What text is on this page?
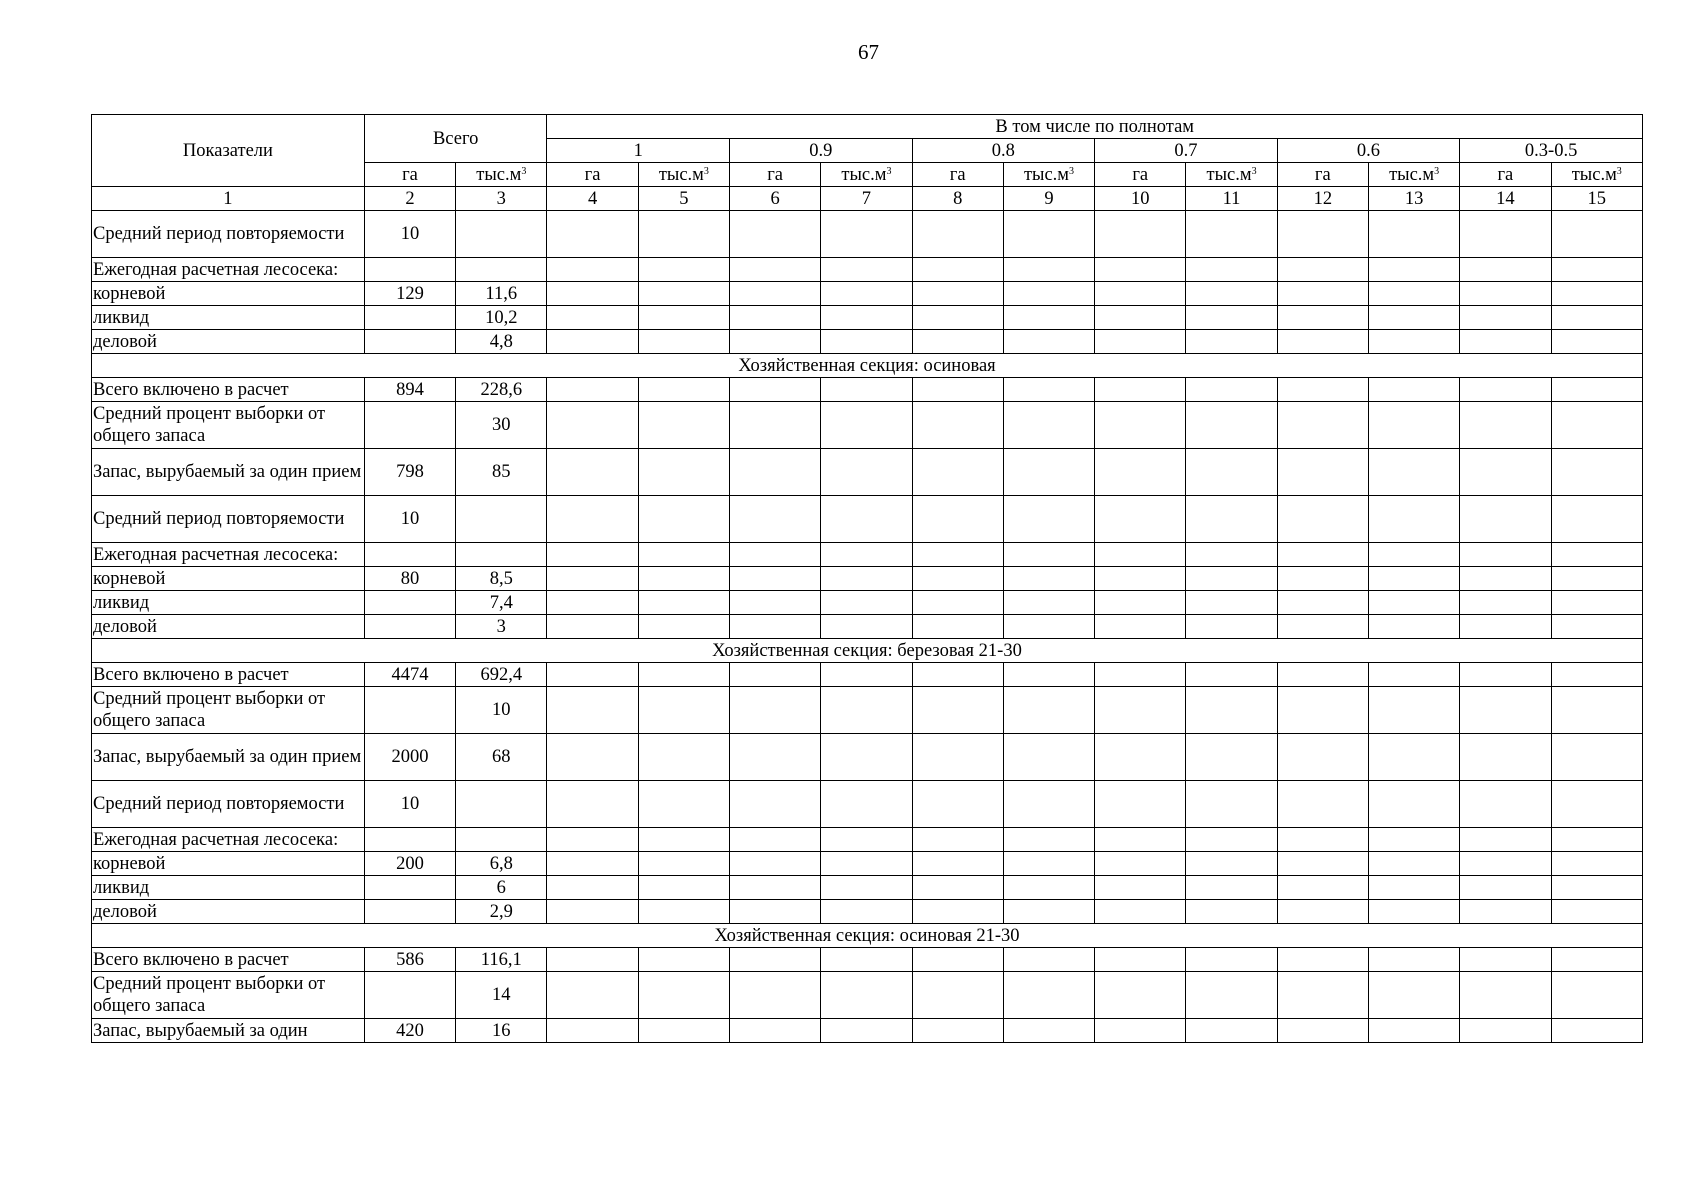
67
Показатели	Всего		В том числе по полнотам											
			1		0.9		0.8		0.7		0.6		0.3-0.5	
	га	$тыс.м^3$	га	$тыс.м^3$	га	$тыс.м^3$	га	$тыс.м^3$	га	$тыс.м^3$	га	$тыс.м^3$	га	$тыс.м^3$
1	2	3	4	5	6	7	8	9	10	11	12	13	14	15
Средний период повторяемости	10													
Ежегодная расчетная лесосека:														
корневой	129	11,6												
ликвид		10,2												
деловой		4,8												
Хозяйственная секция: осиновая														
Всего включено в расчет	894	228,6												
Средний процент выборки от общего запаса		30												
Запас, вырубаемый за один прием	798	85												
Средний период повторяемости	10													
Ежегодная расчетная лесосека:														
корневой	80	8,5												
ликвид		7,4												
деловой		3												
Хозяйственная секция: березовая 21-30														
Всего включено в расчет	4474	692,4												
Средний процент выборки от общего запаса		10												
Запас, вырубаемый за один прием	2000	68												
Средний период повторяемости	10													
Ежегодная расчетная лесосека:														
корневой	200	6,8												
ликвид		6												
деловой		2,9												
Хозяйственная секция: осиновая 21-30														
Всего включено в расчет	586	116,1												
Средний процент выборки от общего запаса		14												
Запас, вырубаемый за один	420	16												
